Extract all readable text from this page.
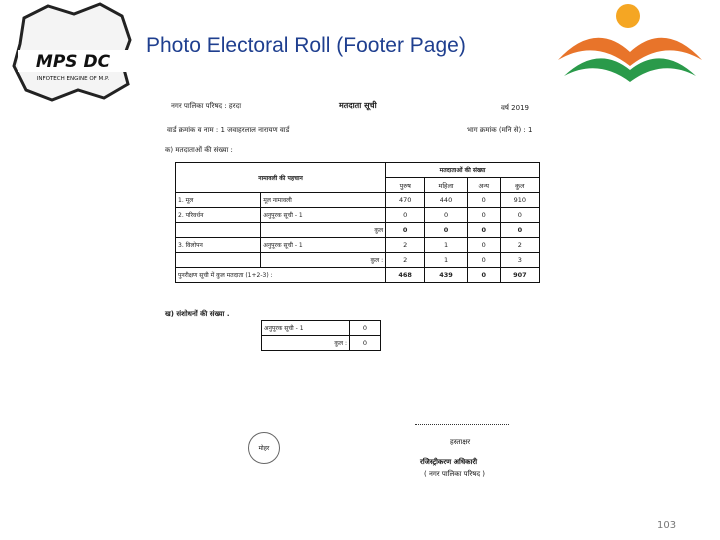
MPS DC
INFOTECH ENGINE OF M.P.
Photo Electoral Roll (Footer Page)
नगर पालिका परिषद : हरदा	मतदाता सूची	वर्ष 2019
वार्ड क्रमांक व नाम : 1 जवाहरलाल नारायण वार्ड	भाग क्रमांक (मनि से) : 1
क) मतदाताओं की संख्या :
नामावली की पहचान		मतदाताओं की संख्या			
		पुरुष	महिला	अन्य	कुल
1. मूल	मूल नामावली	470	440	0	910
2. परिवर्धन	अनुपूरक सूची - 1	0	0	0	0
	कुल	0	0	0	0
3. विलोपन	अनुपूरक सूची - 1	2	1	0	2
	कुल :	2	1	0	3
पुनरीक्षण सूची में कुल मतदाता (1+2-3) :		468	439	0	907
ख) संशोधनों की संख्या .
अनुपूरक सूची - 1	0
कुल :	0
मोहर
हस्ताक्षर
रजिस्ट्रीकरण अधिकारी
( नगर पालिका परिषद )
103
